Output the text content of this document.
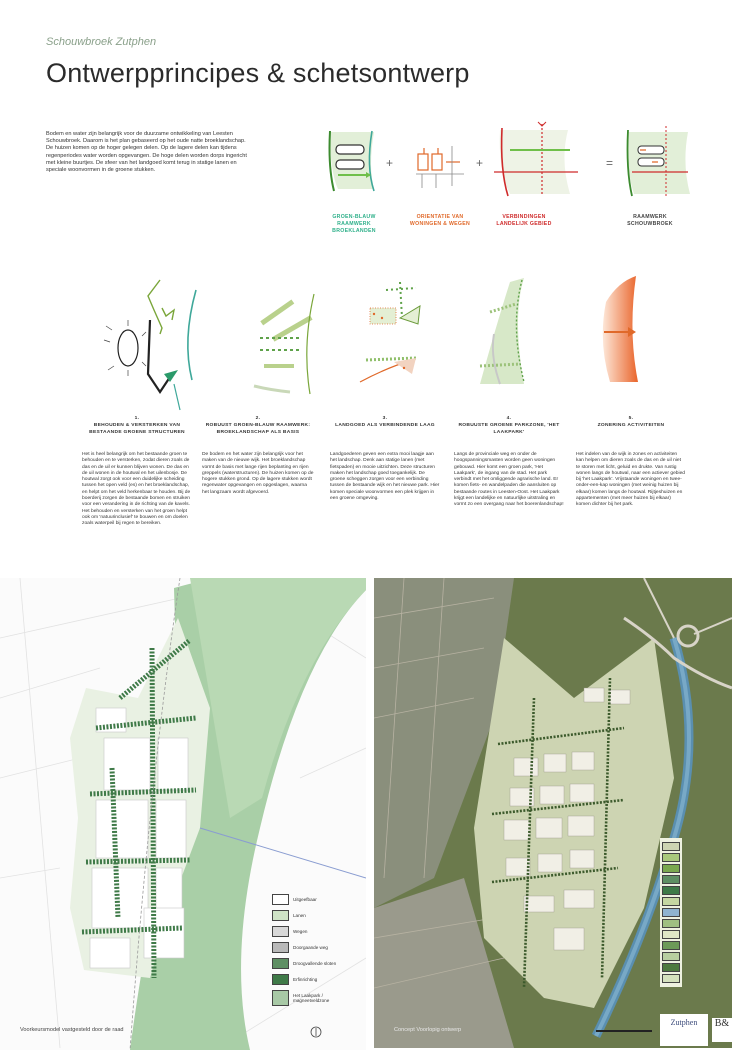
Schouwbroek Zutphen
Ontwerpprincipes & schetsontwerp
Bodem en water zijn belangrijk voor de duurzame ontwikkeling van Leesten Schouwbroek. Daarom is het plan gebaseerd op het oude natte broeklandschap. De huizen komen op de hoger gelegen delen. Op de lagere delen kan tijdens regenperiodes water worden opgevangen. De hoge delen worden dorps ingericht met kleine buurtjes. De sfeer van het landgoed komt terug in statige lanen en speciale woonvormen in de groene stukken.
+	+	=
GROEN-BLAUW RAAMWERK BROEKLANDEN
ORIENTATIE VAN WONINGEN & WEGEN
VERBINDINGEN LANDELIJK GEBIED
RAAMWERK SCHOUWBROEK
1.
BEHOUDEN & VERSTERKEN VAN BESTAANDE GROENE STRUCTUREN
Het is heel belangrijk om het bestaande groen te behouden en te versterken, zodat dieren zoals de das en de uil er kunnen blijven wonen. De das en de uil wonen in de houtwal en het uilenbosje. De houtwal zorgt ook voor een duidelijke scheiding tussen het open veld (es) en het broeklandschap, en helpt om het veld herkenbaar te houden. Bij de boerderij zorgen de bestaande bomen en struiken voor een verandering in de richting van de kavels. Het behouden en versterken van het groen helpt ook om 'natuurinclusief' te bouwen en om doelen zoals waterpeil bij regen te bereiken.
2.
ROBUUST GROEN-BLAUW RAAMWERK: BROEKLANDSCHAP ALS BASIS
De bodem en het water zijn belangrijk voor het maken van de nieuwe wijk. Het broeklandschap vormt de basis met lange rijen beplanting en rijen greppels (waterstructuren). De huizen komen op de hogere stukken grond. Op de lagere stukken wordt regenwater opgevangen en opgeslagen, waarna het langzaam wordt afgevoerd.
3.
LANDGOED ALS VERBINDENDE LAAG
Landgoederen geven een extra mooi laagje aan het landschap. Denk aan statige lanen (met fietspaden) en mooie uitzichten. Deze structuren maken het landschap goed toegankelijk. De groene scheggen zorgen voor een verbinding tussen de bestaande wijk en het nieuwe park. Hier komen speciale woonvormen een plek krijgen in een groene omgeving.
4.
ROBUUSTE GROENE PARKZONE, 'HET LAAKPARK'
Langs de provinciale weg en onder de hoogspanningsmasten worden geen woningen gebouwd. Hier komt een groen park, 'Het Laakpark', de ingang van de stad. Het park verbindt met het omliggende agrarische land. Er komen fiets- en wandelpaden die aansluiten op bestaande routes in Leesten-Oost. Het Laakpark krijgt een landelijke en natuurlijke uitstraling en vormt zo een overgang naar het boerenlandschap!
5.
ZONERING ACTIVITEITEN
Het indelen van de wijk in zones en activiteiten kan helpen om dieren zoals de das en de uil niet te storen met licht, geluid en drukte. Van rustig wonen langs de houtwal, naar een actiever gebied bij 'het Laakpark'. Vrijstaande woningen en twee-onder-een-kap woningen (met weinig huizen bij elkaar) komen langs de houtwal. Rijtjeshuizen en appartementen (met meer huizen bij elkaar) komen dichter bij het park.
Uitgeefbaar
Lanen
Wegen
Doorgaande weg
Droogvallende sloten
Erfinrichting
Het Laakpark / magneetveldzone
Voorkeursmodel vastgesteld door de raad	Concept Voorlopig ontwerp
Zutphen	B&
